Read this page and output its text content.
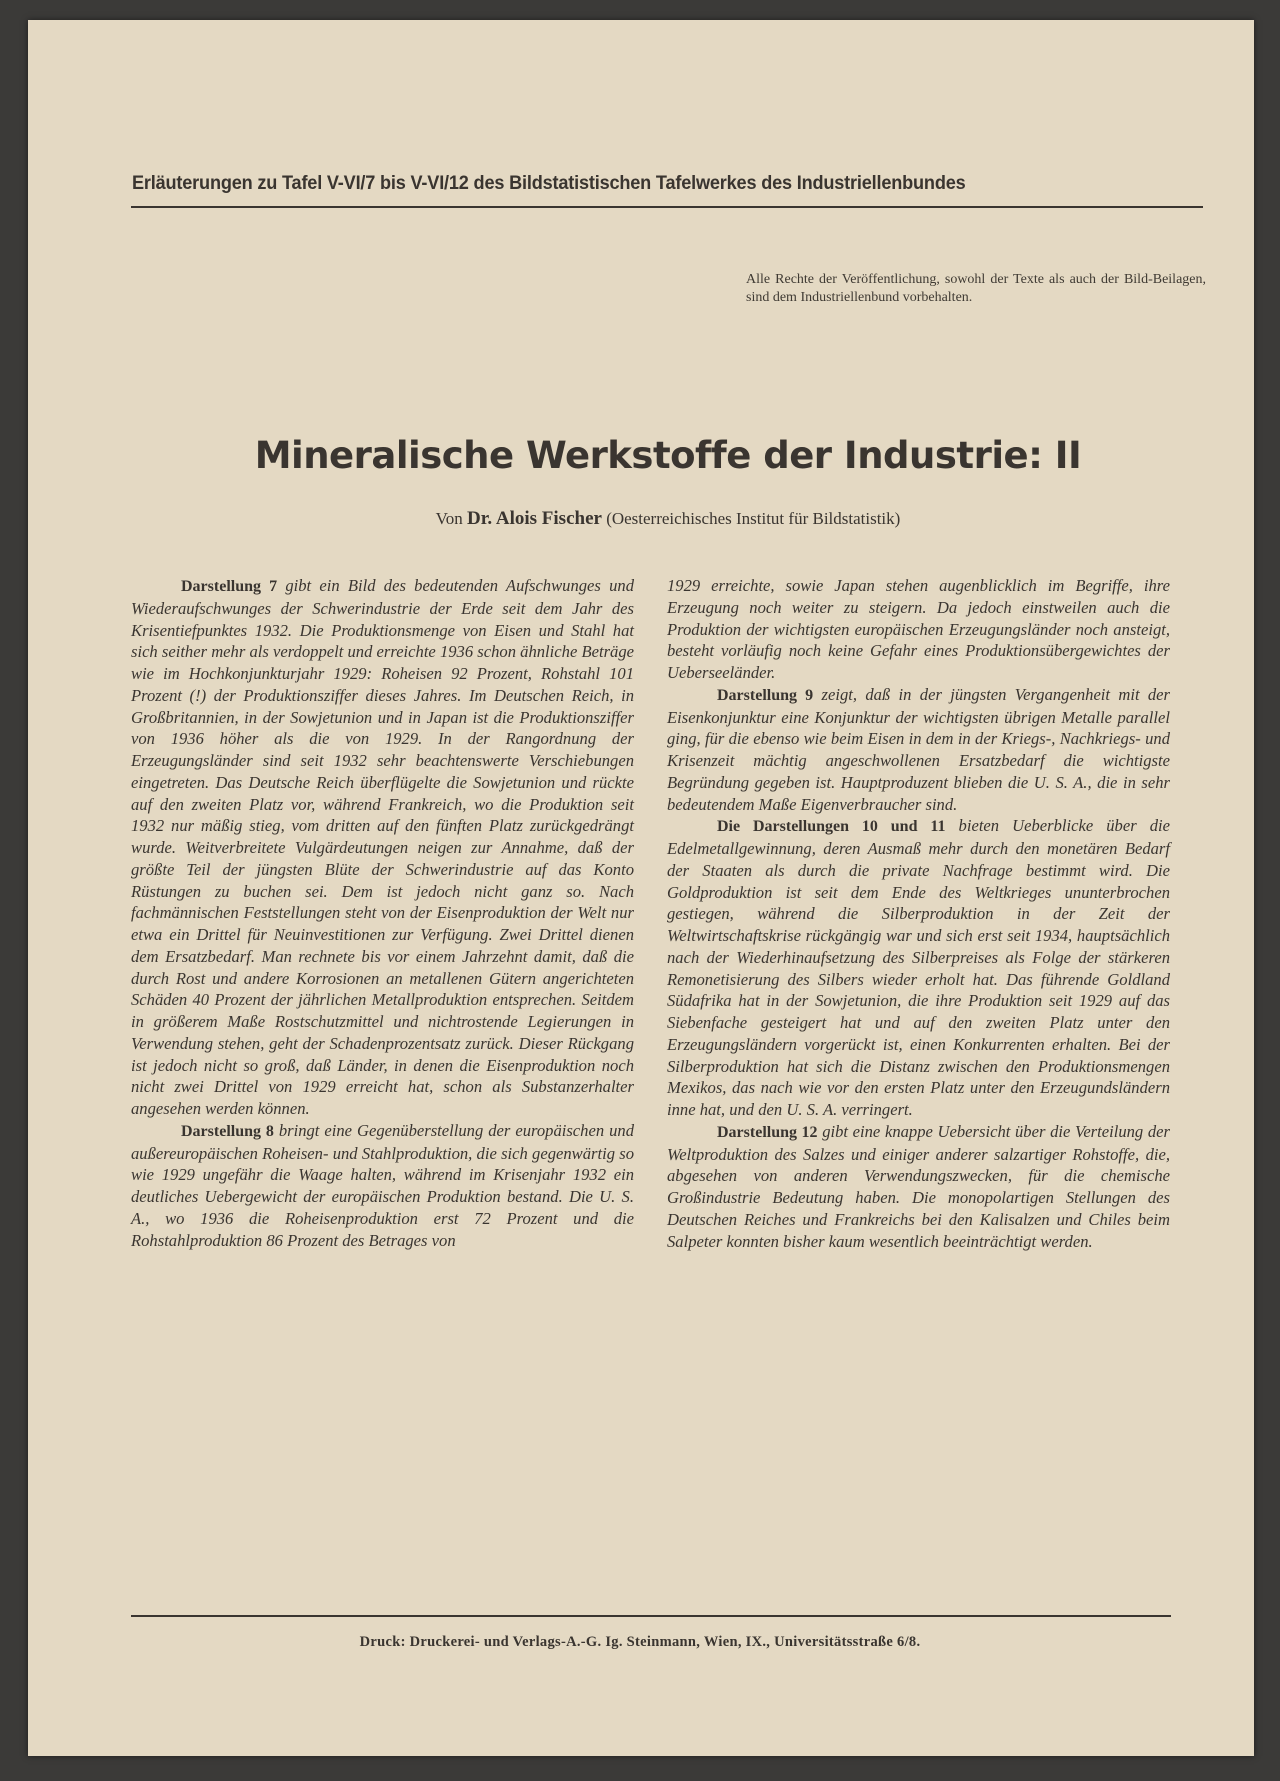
Erläuterungen zu Tafel V-VI/7 bis V-VI/12 des Bildstatistischen Tafelwerkes des Industriellenbundes
Alle Rechte der Veröffentlichung, sowohl der Texte als auch der Bild-Beilagen, sind dem Industriellenbund vorbehalten.
Mineralische Werkstoffe der Industrie: II
Von Dr. Alois Fischer (Oesterreichisches Institut für Bildstatistik)

Darstellung 7 gibt ein Bild des bedeutenden Aufschwunges und Wiederaufschwunges der Schwerindustrie der Erde seit dem Jahr des Krisentiefpunktes 1932. Die Produktionsmenge von Eisen und Stahl hat sich seither mehr als verdoppelt und erreichte 1936 schon ähnliche Beträge wie im Hochkonjunkturjahr 1929: Roheisen 92 Prozent, Rohstahl 101 Prozent (!) der Produktionsziffer dieses Jahres. Im Deutschen Reich, in Großbritannien, in der Sowjetunion und in Japan ist die Produktionsziffer von 1936 höher als die von 1929. In der Rangordnung der Erzeugungsländer sind seit 1932 sehr beachtenswerte Verschiebungen eingetreten. Das Deutsche Reich überflügelte die Sowjetunion und rückte auf den zweiten Platz vor, während Frankreich, wo die Produktion seit 1932 nur mäßig stieg, vom dritten auf den fünften Platz zurückgedrängt wurde. Weitverbreitete Vulgärdeutungen neigen zur Annahme, daß der größte Teil der jüngsten Blüte der Schwerindustrie auf das Konto Rüstungen zu buchen sei. Dem ist jedoch nicht ganz so. Nach fachmännischen Feststellungen steht von der Eisenproduktion der Welt nur etwa ein Drittel für Neuinvestitionen zur Verfügung. Zwei Drittel dienen dem Ersatzbedarf. Man rechnete bis vor einem Jahrzehnt damit, daß die durch Rost und andere Korrosionen an metallenen Gütern angerichteten Schäden 40 Prozent der jährlichen Metallproduktion entsprechen. Seitdem in größerem Maße Rostschutzmittel und nichtrostende Legierungen in Verwendung stehen, geht der Schadenprozentsatz zurück. Dieser Rückgang ist jedoch nicht so groß, daß Länder, in denen die Eisenproduktion noch nicht zwei Drittel von 1929 erreicht hat, schon als Substanzerhalter angesehen werden können.

Darstellung 8 bringt eine Gegenüberstellung der europäischen und außereuropäischen Roheisen- und Stahlproduktion, die sich gegenwärtig so wie 1929 ungefähr die Waage halten, während im Krisenjahr 1932 ein deutliches Uebergewicht der europäischen Produktion bestand. Die U. S. A., wo 1936 die Roheisenproduktion erst 72 Prozent und die Rohstahlproduktion 86 Prozent des Betrages von

1929 erreichte, sowie Japan stehen augenblicklich im Begriffe, ihre Erzeugung noch weiter zu steigern. Da jedoch einstweilen auch die Produktion der wichtigsten europäischen Erzeugungsländer noch ansteigt, besteht vorläufig noch keine Gefahr eines Produktionsübergewichtes der Ueberseeländer.

Darstellung 9 zeigt, daß in der jüngsten Vergangenheit mit der Eisenkonjunktur eine Konjunktur der wichtigsten übrigen Metalle parallel ging, für die ebenso wie beim Eisen in dem in der Kriegs-, Nachkriegs- und Krisenzeit mächtig angeschwollenen Ersatzbedarf die wichtigste Begründung gegeben ist. Hauptproduzent blieben die U. S. A., die in sehr bedeutendem Maße Eigenverbraucher sind.

Die Darstellungen 10 und 11 bieten Ueberblicke über die Edelmetallgewinnung, deren Ausmaß mehr durch den monetären Bedarf der Staaten als durch die private Nachfrage bestimmt wird. Die Goldproduktion ist seit dem Ende des Weltkrieges ununterbrochen gestiegen, während die Silberproduktion in der Zeit der Weltwirtschaftskrise rückgängig war und sich erst seit 1934, hauptsächlich nach der Wiederhinaufsetzung des Silberpreises als Folge der stärkeren Remonetisierung des Silbers wieder erholt hat. Das führende Goldland Südafrika hat in der Sowjetunion, die ihre Produktion seit 1929 auf das Siebenfache gesteigert hat und auf den zweiten Platz unter den Erzeugungsländern vorgerückt ist, einen Konkurrenten erhalten. Bei der Silberproduktion hat sich die Distanz zwischen den Produktionsmengen Mexikos, das nach wie vor den ersten Platz unter den Erzeugundsländern inne hat, und den U. S. A. verringert.

Darstellung 12 gibt eine knappe Uebersicht über die Verteilung der Weltproduktion des Salzes und einiger anderer salzartiger Rohstoffe, die, abgesehen von anderen Verwendungszwecken, für die chemische Großindustrie Bedeutung haben. Die monopolartigen Stellungen des Deutschen Reiches und Frankreichs bei den Kalisalzen und Chiles beim Salpeter konnten bisher kaum wesentlich beeinträchtigt werden.

Druck: Druckerei- und Verlags-A.-G. Ig. Steinmann, Wien, IX., Universitätsstraße 6/8.
